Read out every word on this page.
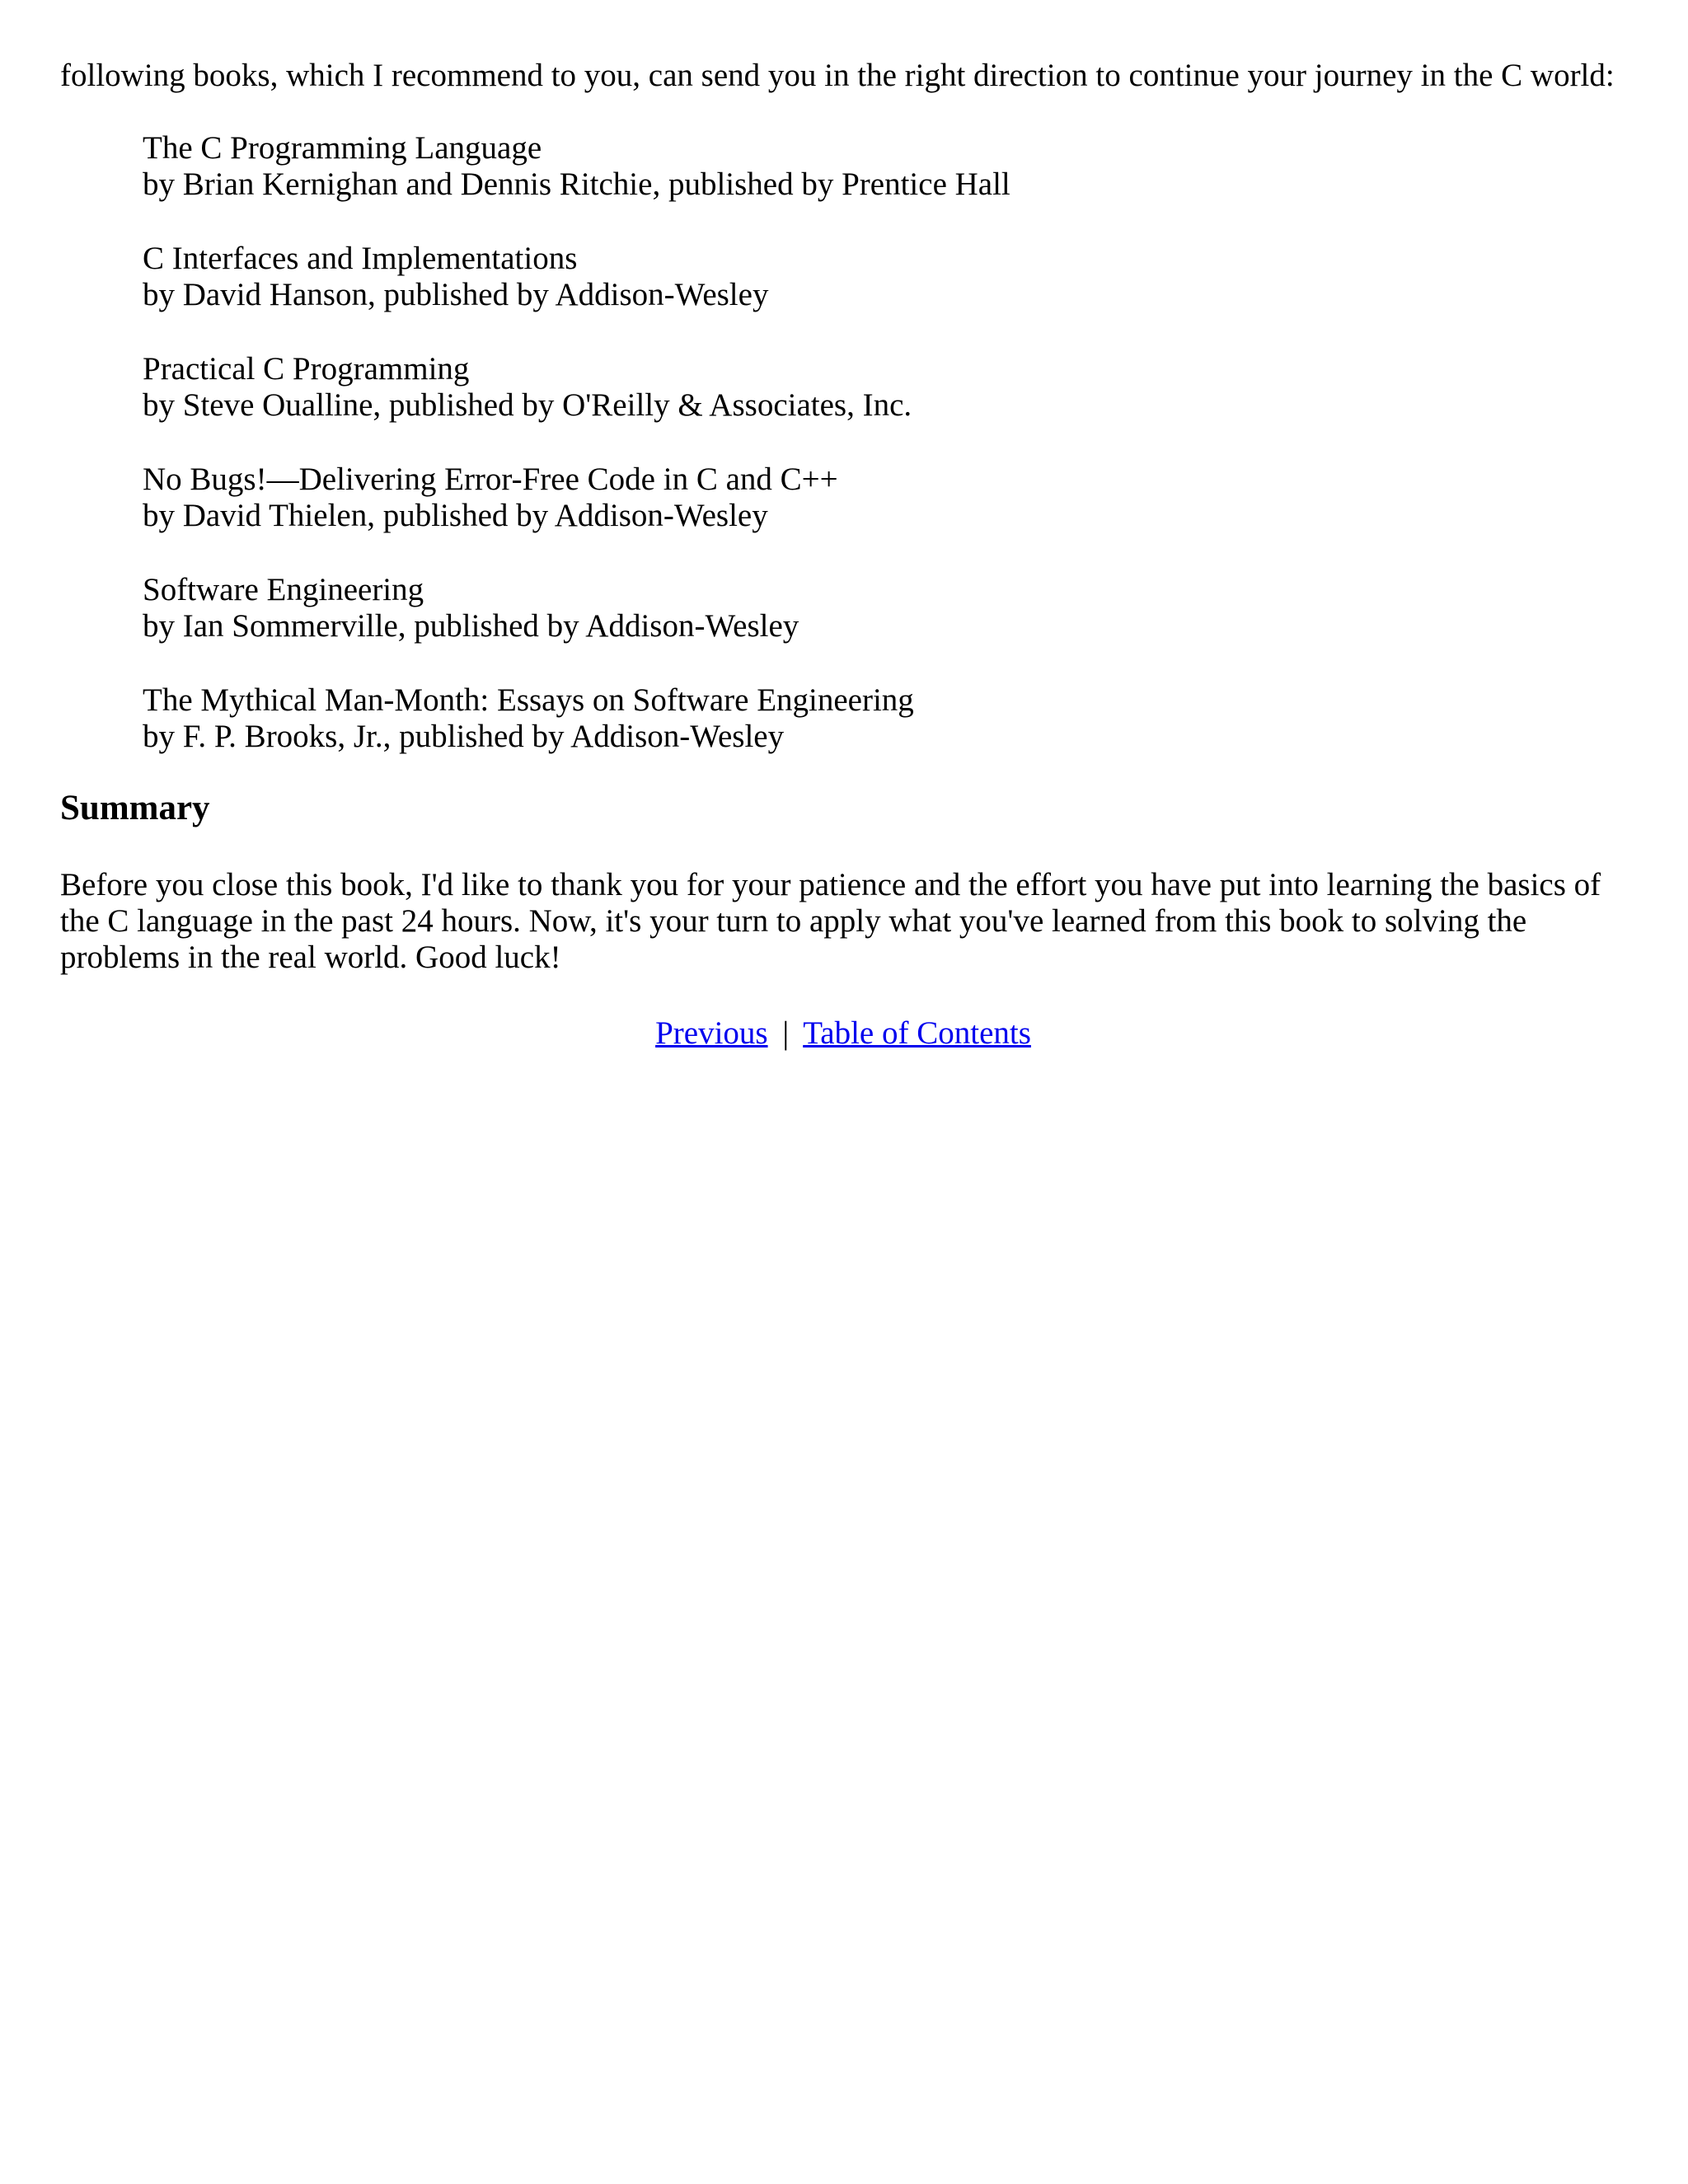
following books, which I recommend to you, can send you in the right direction to continue your journey in the C world:

The C Programming Language
by Brian Kernighan and Dennis Ritchie, published by Prentice Hall
C Interfaces and Implementations
by David Hanson, published by Addison-Wesley
Practical C Programming
by Steve Oualline, published by O'Reilly & Associates, Inc.
No Bugs!—Delivering Error-Free Code in C and C++
by David Thielen, published by Addison-Wesley
Software Engineering
by Ian Sommerville, published by Addison-Wesley
The Mythical Man-Month: Essays on Software Engineering
by F. P. Brooks, Jr., published by Addison-Wesley
Summary

Before you close this book, I'd like to thank you for your patience and the effort you have put into learning the basics of the C language in the past 24 hours. Now, it's your turn to apply what you've learned from this book to solving the problems in the real world. Good luck!

Previous | Table of Contents
